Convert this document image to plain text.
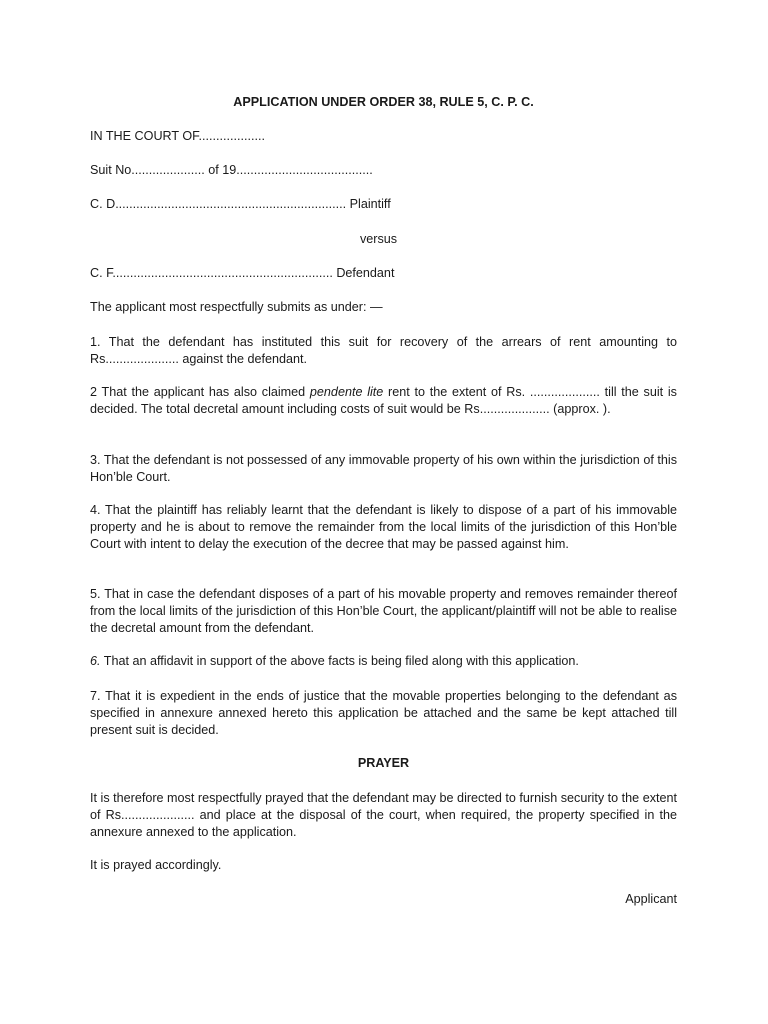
APPLICATION UNDER ORDER 38, RULE 5, C. P. C.

IN THE COURT OF...................

Suit No..................... of 19.......................................

C. D.................................................................. Plaintiff

versus

C. F............................................................... Defendant

The applicant most respectfully submits as under: —

1. That the defendant has instituted this suit for recovery of the arrears of rent amounting to Rs..................... against the defendant.

2 That the applicant has also claimed pendente lite rent to the extent of Rs. .................... till the suit is decided. The total decretal amount including costs of suit would be Rs.................... (approx. ).

3. That the defendant is not possessed of any immovable property of his own within the jurisdiction of this Hon’ble Court.

4. That the plaintiff has reliably learnt that the defendant is likely to dispose of a part of his immovable property and he is about to remove the remainder from the local limits of the jurisdiction of this Hon’ble Court with intent to delay the execution of the decree that may be passed against him.

5. That in case the defendant disposes of a part of his movable property and removes remainder thereof from the local limits of the jurisdiction of this Hon’ble Court, the applicant/plaintiff will not be able to realise the decretal amount from the defendant.

6. That an affidavit in support of the above facts is being filed along with this application.

7. That it is expedient in the ends of justice that the movable properties belonging to the defendant as specified in annexure annexed hereto this application be attached and the same be kept attached till present suit is decided.

PRAYER

It is therefore most respectfully prayed that the defendant may be directed to furnish security to the extent of Rs..................... and place at the disposal of the court, when required, the property specified in the annexure annexed to the application.

It is prayed accordingly.

Applicant
